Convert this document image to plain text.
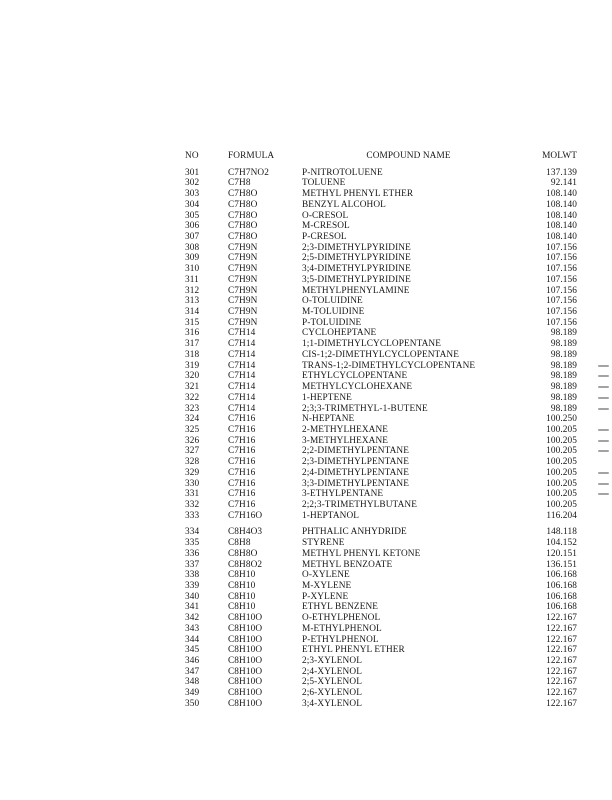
NO	FORMULA	COMPOUND NAME	MOLWT
301	C7H7NO2	P-NITROTOLUENE	137.139
302	C7H8	TOLUENE	92.141
303	C7H8O	METHYL PHENYL ETHER	108.140
304	C7H8O	BENZYL ALCOHOL	108.140
305	C7H8O	O-CRESOL	108.140
306	C7H8O	M-CRESOL	108.140
307	C7H8O	P-CRESOL	108.140
308	C7H9N	2;3-DIMETHYLPYRIDINE	107.156
309	C7H9N	2;5-DIMETHYLPYRIDINE	107.156
310	C7H9N	3;4-DIMETHYLPYRIDINE	107.156
311	C7H9N	3;5-DIMETHYLPYRIDINE	107.156
312	C7H9N	METHYLPHENYLAMINE	107.156
313	C7H9N	O-TOLUIDINE	107.156
314	C7H9N	M-TOLUIDINE	107.156
315	C7H9N	P-TOLUIDINE	107.156
316	C7H14	CYCLOHEPTANE	98.189
317	C7H14	1;1-DIMETHYLCYCLOPENTANE	98.189
318	C7H14	CIS-1;2-DIMETHYLCYCLOPENTANE	98.189
319	C7H14	TRANS-1;2-DIMETHYLCYCLOPENTANE	98.189
320	C7H14	ETHYLCYCLOPENTANE	98.189
321	C7H14	METHYLCYCLOHEXANE	98.189
322	C7H14	1-HEPTENE	98.189
323	C7H14	2;3;3-TRIMETHYL-1-BUTENE	98.189
324	C7H16	N-HEPTANE	100.250
325	C7H16	2-METHYLHEXANE	100.205
326	C7H16	3-METHYLHEXANE	100.205
327	C7H16	2;2-DIMETHYLPENTANE	100.205
328	C7H16	2;3-DIMETHYLPENTANE	100.205
329	C7H16	2;4-DIMETHYLPENTANE	100.205
330	C7H16	3;3-DIMETHYLPENTANE	100.205
331	C7H16	3-ETHYLPENTANE	100.205
332	C7H16	2;2;3-TRIMETHYLBUTANE	100.205
333	C7H16O	1-HEPTANOL	116.204
334	C8H4O3	PHTHALIC ANHYDRIDE	148.118
335	C8H8	STYRENE	104.152
336	C8H8O	METHYL PHENYL KETONE	120.151
337	C8H8O2	METHYL BENZOATE	136.151
338	C8H10	O-XYLENE	106.168
339	C8H10	M-XYLENE	106.168
340	C8H10	P-XYLENE	106.168
341	C8H10	ETHYL BENZENE	106.168
342	C8H10O	O-ETHYLPHENOL	122.167
343	C8H10O	M-ETHYLPHENOL	122.167
344	C8H10O	P-ETHYLPHENOL	122.167
345	C8H10O	ETHYL PHENYL ETHER	122.167
346	C8H10O	2;3-XYLENOL	122.167
347	C8H10O	2;4-XYLENOL	122.167
348	C8H10O	2;5-XYLENOL	122.167
349	C8H10O	2;6-XYLENOL	122.167
350	C8H10O	3;4-XYLENOL	122.167
